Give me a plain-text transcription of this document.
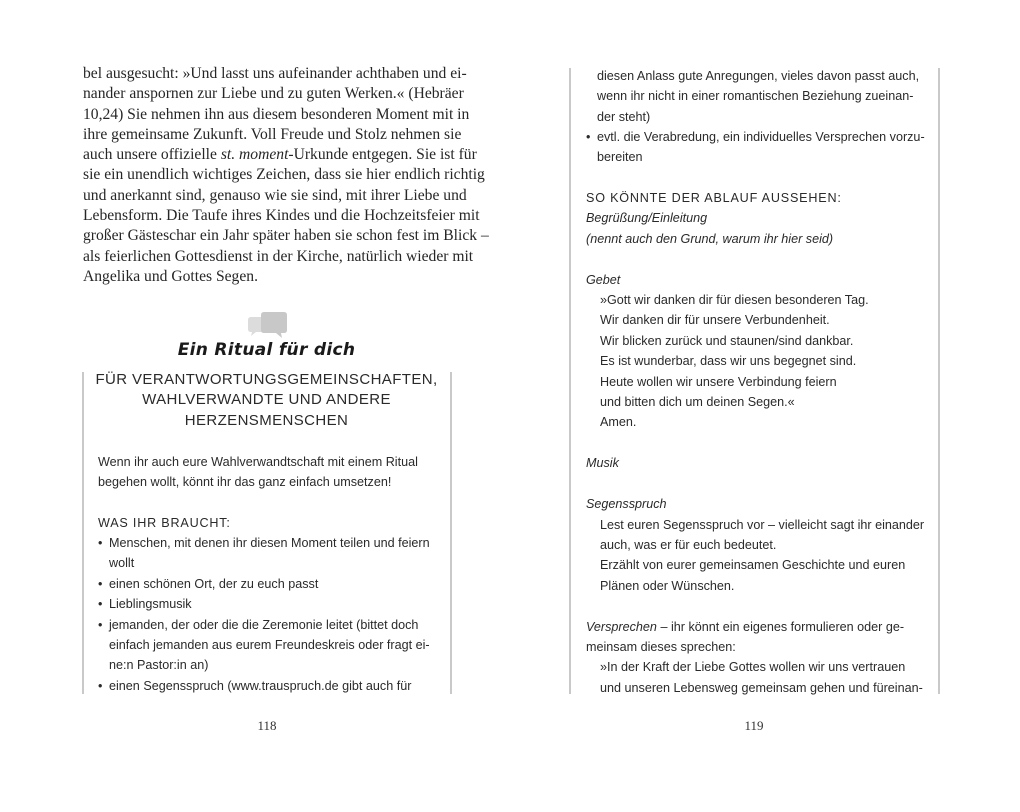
bel ausgesucht: »Und lasst uns aufeinander achthaben und ei-
nander anspornen zur Liebe und zu guten Werken.« (Hebräer
10,24) Sie nehmen ihn aus diesem besonderen Moment mit in
ihre gemeinsame Zukunft. Voll Freude und Stolz nehmen sie
auch unsere offizielle st. moment-Urkunde entgegen. Sie ist für
sie ein unendlich wichtiges Zeichen, dass sie hier endlich richtig
und anerkannt sind, genauso wie sie sind, mit ihrer Liebe und
Lebensform. Die Taufe ihres Kindes und die Hochzeitsfeier mit
großer Gästeschar ein Jahr später haben sie schon fest im Blick –
als feierlichen Gottesdienst in der Kirche, natürlich wieder mit
Angelika und Gottes Segen.

Ein Ritual für dich
FÜR VERANTWORTUNGSGEMEINSCHAFTEN,
WAHLVERWANDTE UND ANDERE
HERZENSMENSCHEN
Wenn ihr auch eure Wahlverwandtschaft mit einem Ritual
begehen wollt, könnt ihr das ganz einfach umsetzen!
WAS IHR BRAUCHT:
• Menschen, mit denen ihr diesen Moment teilen und feiern
wollt
• einen schönen Ort, der zu euch passt
• Lieblingsmusik
• jemanden, der oder die die Zeremonie leitet (bittet doch
einfach jemanden aus eurem Freundeskreis oder fragt ei-
ne:n Pastor:in an)
• einen Segensspruch (www.trauspruch.de gibt auch für
118
diesen Anlass gute Anregungen, vieles davon passt auch,
wenn ihr nicht in einer romantischen Beziehung zueinan-
der steht)
• evtl. die Verabredung, ein individuelles Versprechen vorzu-
bereiten
SO KÖNNTE DER ABLAUF AUSSEHEN:
Begrüßung/Einleitung
(nennt auch den Grund, warum ihr hier seid)

Gebet
»Gott wir danken dir für diesen besonderen Tag.
Wir danken dir für unsere Verbundenheit.
Wir blicken zurück und staunen/sind dankbar.
Es ist wunderbar, dass wir uns begegnet sind.
Heute wollen wir unsere Verbindung feiern
und bitten dich um deinen Segen.«
Amen.

Musik

Segensspruch
Lest euren Segensspruch vor – vielleicht sagt ihr einander
auch, was er für euch bedeutet.
Erzählt von eurer gemeinsamen Geschichte und euren
Plänen oder Wünschen.

Versprechen – ihr könnt ein eigenes formulieren oder ge-
meinsam dieses sprechen:
»In der Kraft der Liebe Gottes wollen wir uns vertrauen
und unseren Lebensweg gemeinsam gehen und füreinan-
119
